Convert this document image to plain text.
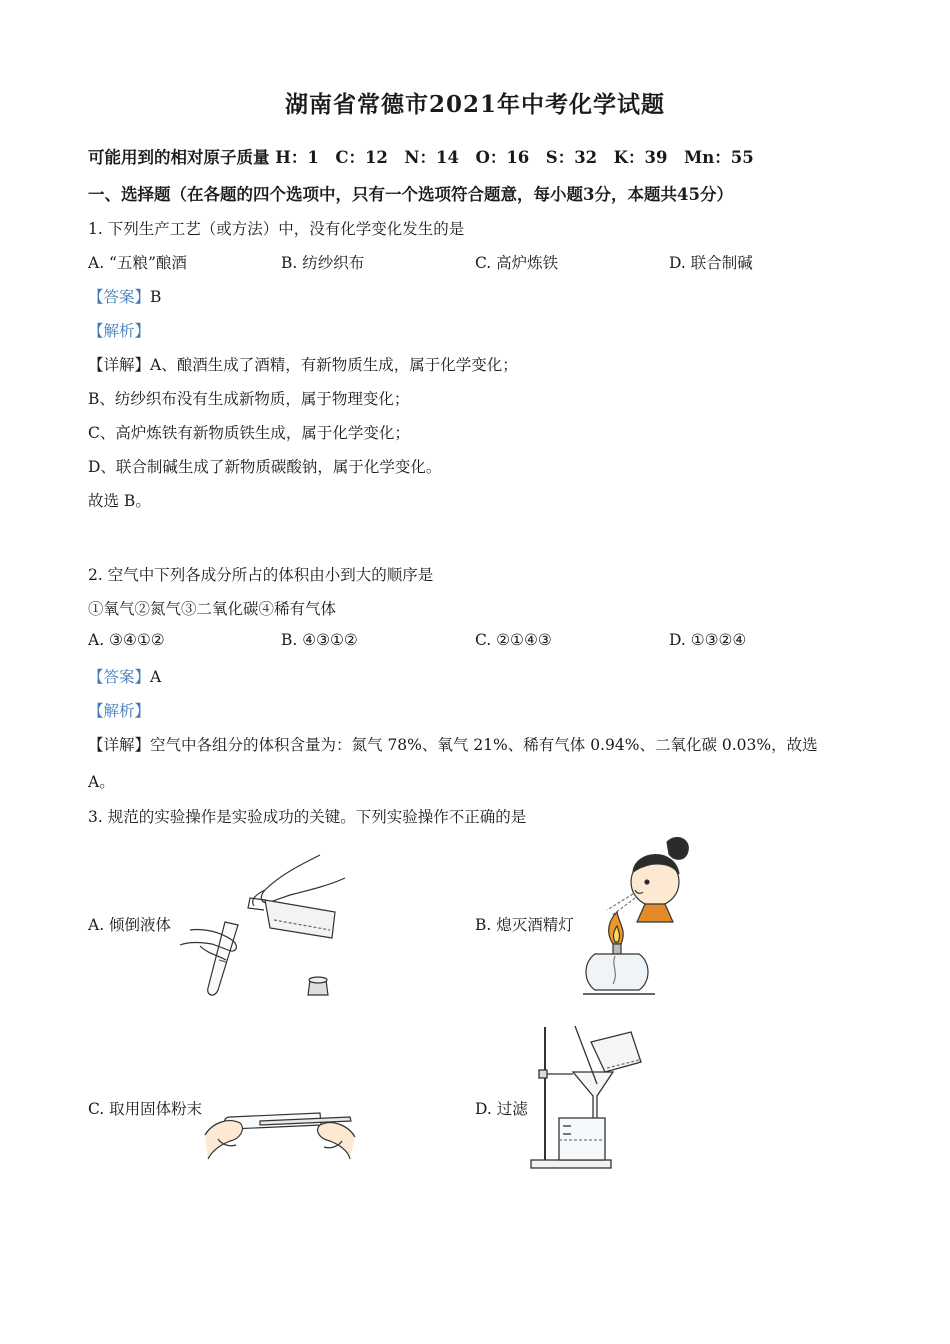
湖南省常德市2021年中考化学试题
可能用到的相对原子质量 H：1　C：12　N：14　O：16　S：32　K：39　Mn：55
一、选择题（在各题的四个选项中，只有一个选项符合题意，每小题3分，本题共45分）
1. 下列生产工艺（或方法）中，没有化学变化发生的是
A. “五粮”酿酒	B. 纺纱织布	C. 高炉炼铁	D. 联合制碱
【答案】B
【解析】
【详解】A、酿酒生成了酒精，有新物质生成，属于化学变化；
B、纺纱织布没有生成新物质，属于物理变化；
C、高炉炼铁有新物质铁生成，属于化学变化；
D、联合制碱生成了新物质碳酸钠，属于化学变化。
故选 B。
2. 空气中下列各成分所占的体积由小到大的顺序是
①氧气②氮气③二氧化碳④稀有气体
A. ③④①②	B. ④③①②	C. ②①④③	D. ①③②④
【答案】A
【解析】
【详解】空气中各组分的体积含量为：氮气 78%、氧气 21%、稀有气体 0.94%、二氧化碳 0.03%，故选
A。
3. 规范的实验操作是实验成功的关键。下列实验操作不正确的是
A. 倾倒液体	B. 熄灭酒精灯
C. 取用固体粉末	D. 过滤
